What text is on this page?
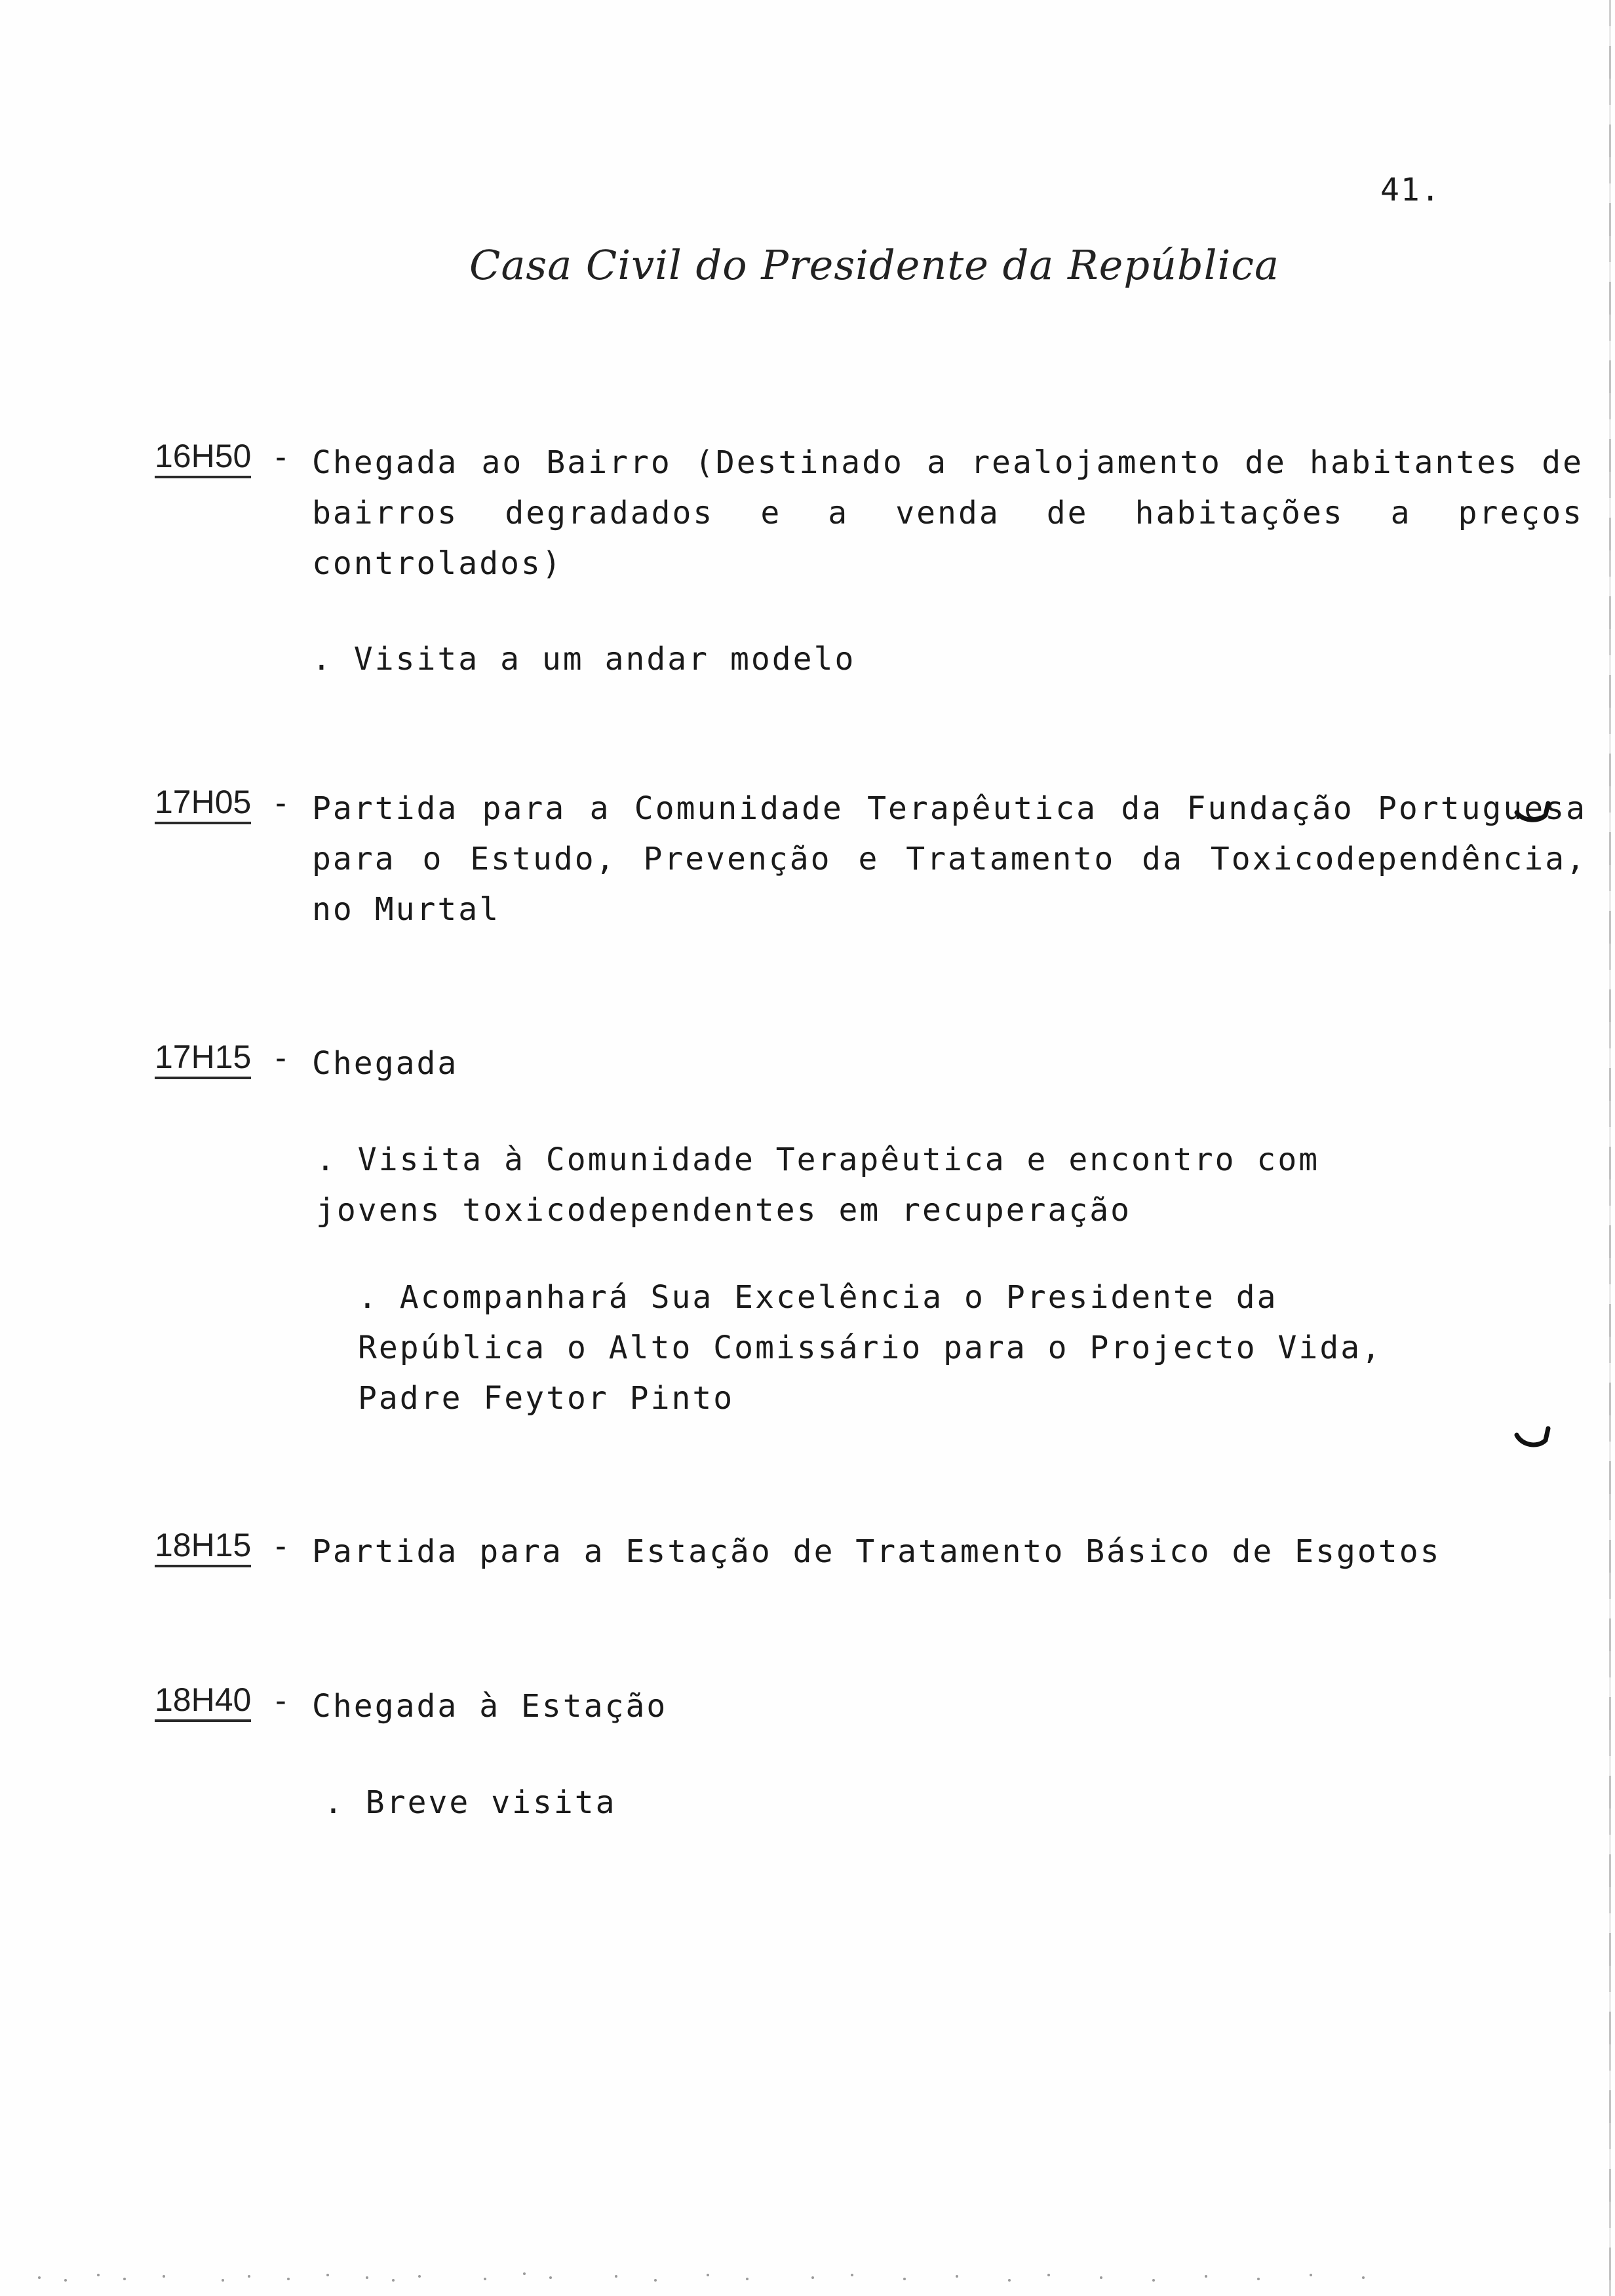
41.
Casa Civil do Presidente da República
16H50 - Chegada ao Bairro (Destinado a realojamento de habitantes de bairros degradados e a venda de habitações a preços controlados)
. Visita a um andar modelo
17H05 - Partida para a Comunidade Terapêutica da Fundação Portuguesa para o Estudo, Prevenção e Tratamento da Toxicodependência, no Murtal
17H15 - Chegada
. Visita à Comunidade Terapêutica e encontro com jovens toxicodependentes em recuperação
. Acompanhará Sua Excelência o Presidente da República o Alto Comissário para o Projecto Vida, Padre Feytor Pinto
18H15 - Partida para a Estação de Tratamento Básico de Esgotos
18H40 - Chegada à Estação
. Breve visita
